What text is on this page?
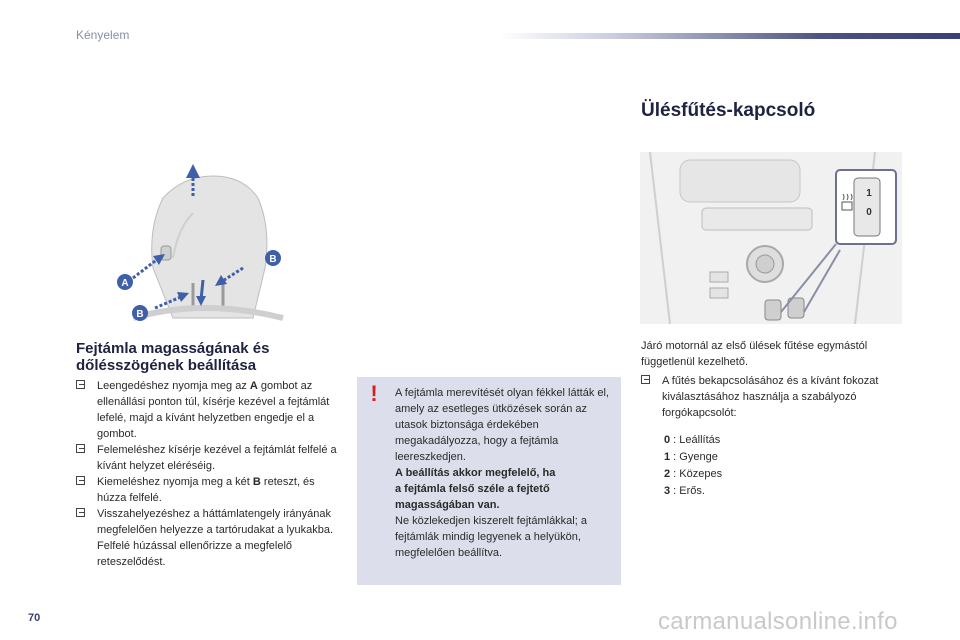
Kényelem
A
B
B
Fejtámla magasságának és
dőlésszögének beállítása
Leengedéshez nyomja meg az A gombot az ellenállási ponton túl, kísérje kezével a fejtámlát lefelé, majd a kívánt helyzetben engedje el a gombot.
Felemeléshez kísérje kezével a fejtámlát felfelé a kívánt helyzet eléréséig.
Kiemeléshez nyomja meg a két B reteszt, és húzza felfelé.
Visszahelyezéshez a háttámlatengely irányának megfelelően helyezze a tartórudakat a lyukakba. Felfelé húzással ellenőrizze a megfelelő reteszelődést.
!	A fejtámla merevítését olyan fékkel látták el, amely az esetleges ütközések során az utasok biztonsága érdekében megakadályozza, hogy a fejtámla leereszkedjen.
A beállítás akkor megfelelő, ha
a fejtámla felső széle a fejtető
magasságában van.
Ne közlekedjen kiszerelt fejtámlákkal; a fejtámlák mindig legyenek a helyükön, megfelelően beállítva.
Ülésfűtés-kapcsoló
1
0
Járó motornál az első ülések fűtése egymástól függetlenül kezelhető.
A fűtés bekapcsolásához és a kívánt fokozat kiválasztásához használja a szabályozó forgókapcsolót:
0 : Leállítás
1 : Gyenge
2 : Közepes
3 : Erős.
70	carmanualsonline.info
